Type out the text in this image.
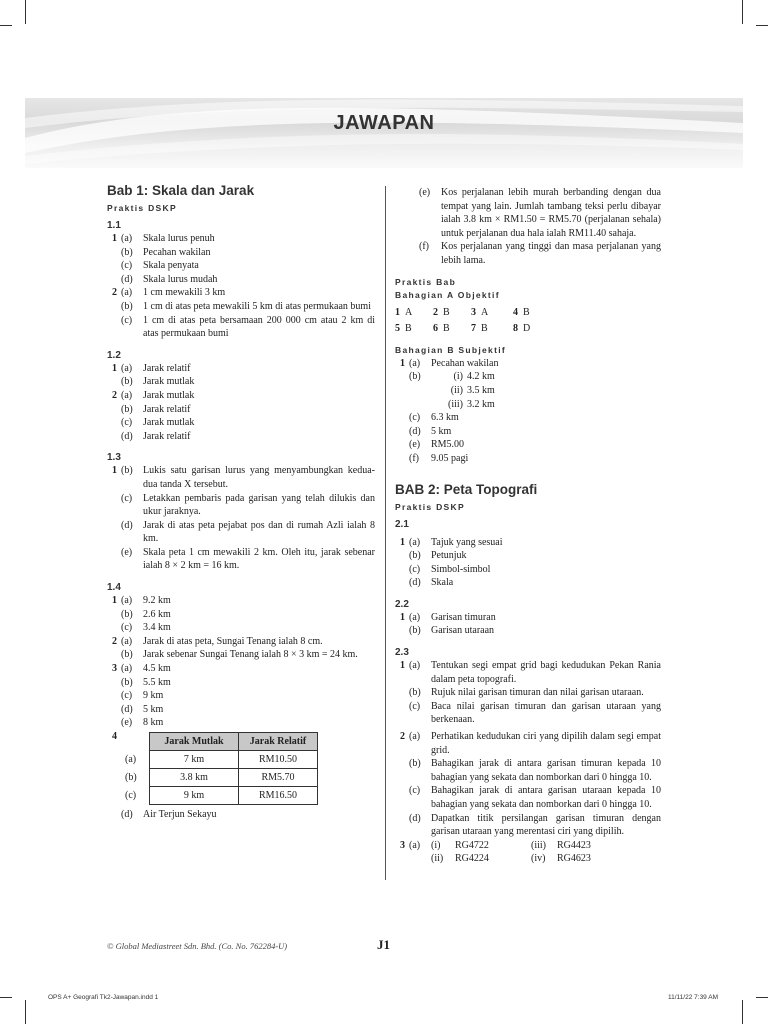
JAWAPAN
Bab 1: Skala dan Jarak
Praktis DSKP
1.1
1 (a)	Skala lurus penuh
(b)	Pecahan wakilan
(c)	Skala penyata
(d)	Skala lurus mudah
2 (a)	1 cm mewakili 3 km
(b)	1 cm di atas peta mewakili 5 km di atas permukaan bumi
(c)	1 cm di atas peta bersamaan 200 000 cm atau 2 km di atas permukaan bumi
1.2
1 (a)	Jarak relatif
(b)	Jarak mutlak
2 (a)	Jarak mutlak
(b)	Jarak relatif
(c)	Jarak mutlak
(d)	Jarak relatif
1.3
1 (b)	Lukis satu garisan lurus yang menyambungkan kedua-dua tanda X tersebut.
(c)	Letakkan pembaris pada garisan yang telah dilukis dan ukur jaraknya.
(d)	Jarak di atas peta pejabat pos dan di rumah Azli ialah 8 km.
(e)	Skala peta 1 cm mewakili 2 km. Oleh itu, jarak sebenar ialah 8 × 2 km = 16 km.
1.4
1 (a)	9.2 km
(b)	2.6 km
(c)	3.4 km
2 (a)	Jarak di atas peta, Sungai Tenang ialah 8 cm.
(b)	Jarak sebenar Sungai Tenang ialah 8 × 3 km = 24 km.
3 (a)	4.5 km
(b)	5.5 km
(c)	9 km
(d)	5 km
(e)	8 km
4
		Jarak Mutlak	Jarak Relatif
(a)	7 km	RM10.50
(b)	3.8 km	RM5.70
(c)	9 km	RM16.50
(d)	Air Terjun Sekayu
(e)	Kos perjalanan lebih murah berbanding dengan dua tempat yang lain. Jumlah tambang teksi perlu dibayar ialah 3.8 km × RM1.50 = RM5.70 (perjalanan sehala) untuk perjalanan dua hala ialah RM11.40 sahaja.
(f)	Kos perjalanan yang tinggi dan masa perjalanan yang lebih lama.
Praktis Bab
Bahagian A Objektif
1 A	2 B	3 A	4 B
5 B	6 B	7 B	8 D
Bahagian B Subjektif
1 (a)	Pecahan wakilan
(b)	(i) 4.2 km
(ii) 3.5 km
(iii) 3.2 km
(c)	6.3 km
(d)	5 km
(e)	RM5.00
(f)	9.05 pagi
BAB 2: Peta Topografi
Praktis DSKP
2.1
1 (a)	Tajuk yang sesuai
(b)	Petunjuk
(c)	Simbol-simbol
(d)	Skala
2.2
1 (a)	Garisan timuran
(b)	Garisan utaraan
2.3
1 (a)	Tentukan segi empat grid bagi kedudukan Pekan Rania dalam peta topografi.
(b)	Rujuk nilai garisan timuran dan nilai garisan utaraan.
(c)	Baca nilai garisan timuran dan garisan utaraan yang berkenaan.
2 (a)	Perhatikan kedudukan ciri yang dipilih dalam segi empat grid.
(b)	Bahagikan jarak di antara garisan timuran kepada 10 bahagian yang sekata dan nomborkan dari 0 hingga 10.
(c)	Bahagikan jarak di antara garisan utaraan kepada 10 bahagian yang sekata dan nomborkan dari 0 hingga 10.
(d)	Dapatkan titik persilangan garisan timuran dengan garisan utaraan yang merentasi ciri yang dipilih.
3 (a)	(i)	RG4722	(iii)	RG4423
(ii)	RG4224	(iv)	RG4623
© Global Mediastreet Sdn. Bhd. (Co. No. 762284-U)	J1
OPS A+ Geografi Tk2-Jawapan.indd 1	11/11/22 7:39 AM
